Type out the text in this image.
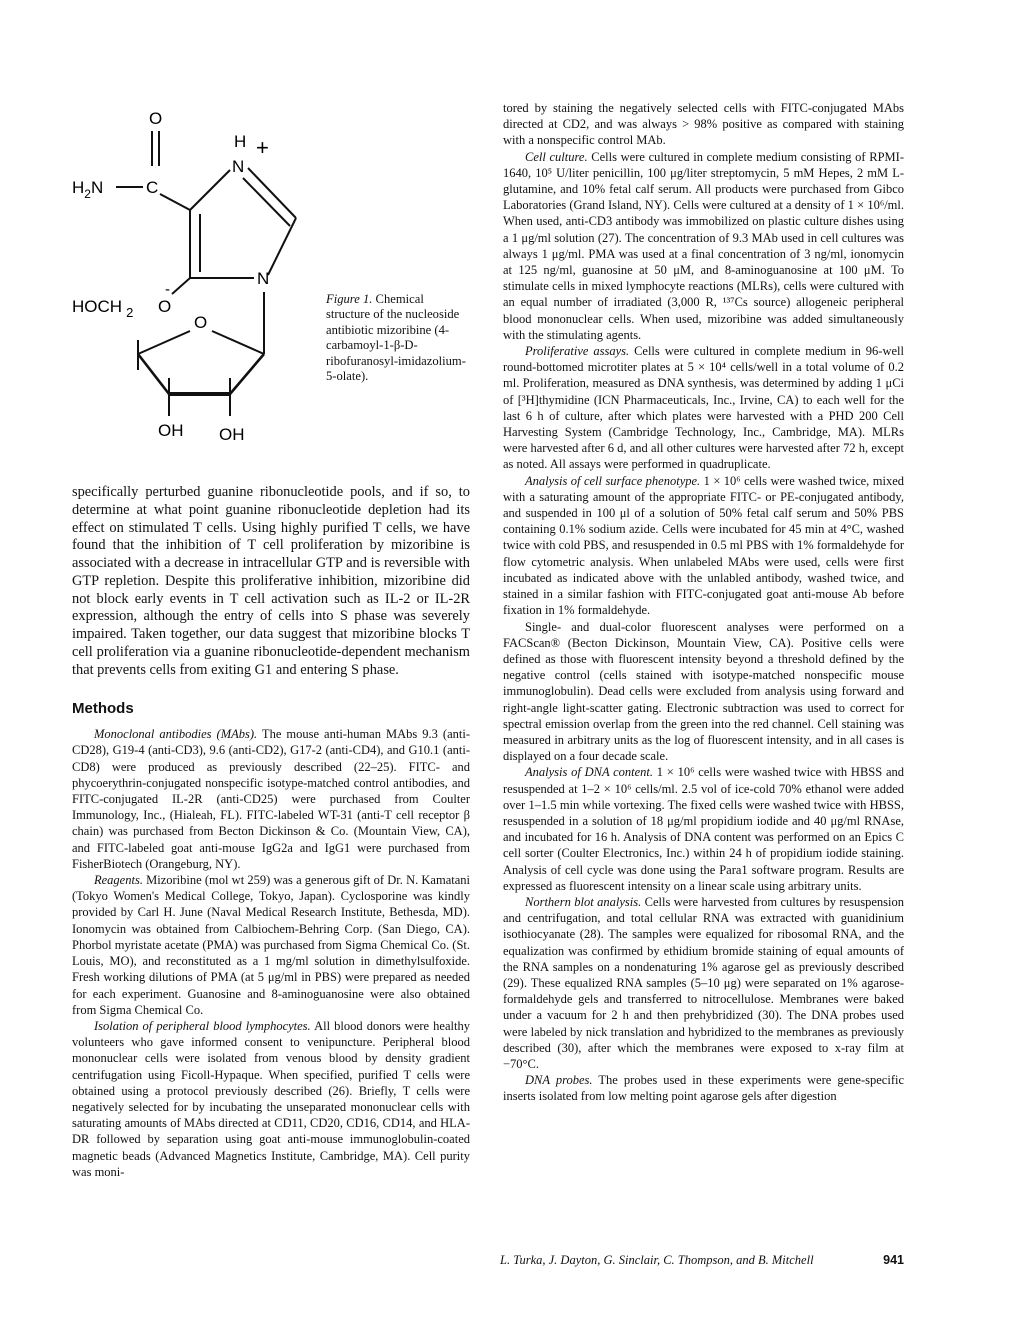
O
$H_2N$	C
H +
N
N
O
-
HOCH $_2$
O
OH OH
Figure 1. Chemical structure of the nucleoside antibiotic mizoribine (4-carbamoyl-1-β-D-ribofuranosyl-imidazolium-5-olate).

specifically perturbed guanine ribonucleotide pools, and if so, to determine at what point guanine ribonucleotide depletion had its effect on stimulated T cells. Using highly purified T cells, we have found that the inhibition of T cell proliferation by mizoribine is associated with a decrease in intracellular GTP and is reversible with GTP repletion. Despite this proliferative inhibition, mizoribine did not block early events in T cell activation such as IL-2 or IL-2R expression, although the entry of cells into S phase was severely impaired. Taken together, our data suggest that mizoribine blocks T cell proliferation via a guanine ribonucleotide-dependent mechanism that prevents cells from exiting G1 and entering S phase.

Methods

Monoclonal antibodies (MAbs). The mouse anti-human MAbs 9.3 (anti-CD28), G19-4 (anti-CD3), 9.6 (anti-CD2), G17-2 (anti-CD4), and G10.1 (anti-CD8) were produced as previously described (22–25). FITC- and phycoerythrin-conjugated nonspecific isotype-matched control antibodies, and FITC-conjugated IL-2R (anti-CD25) were purchased from Coulter Immunology, Inc., (Hialeah, FL). FITC-labeled WT-31 (anti-T cell receptor β chain) was purchased from Becton Dickinson & Co. (Mountain View, CA), and FITC-labeled goat anti-mouse IgG2a and IgG1 were purchased from FisherBiotech (Orangeburg, NY).

Reagents. Mizoribine (mol wt 259) was a generous gift of Dr. N. Kamatani (Tokyo Women's Medical College, Tokyo, Japan). Cyclosporine was kindly provided by Carl H. June (Naval Medical Research Institute, Bethesda, MD). Ionomycin was obtained from Calbiochem-Behring Corp. (San Diego, CA). Phorbol myristate acetate (PMA) was purchased from Sigma Chemical Co. (St. Louis, MO), and reconstituted as a 1 mg/ml solution in dimethylsulfoxide. Fresh working dilutions of PMA (at 5 μg/ml in PBS) were prepared as needed for each experiment. Guanosine and 8-aminoguanosine were also obtained from Sigma Chemical Co.

Isolation of peripheral blood lymphocytes. All blood donors were healthy volunteers who gave informed consent to venipuncture. Peripheral blood mononuclear cells were isolated from venous blood by density gradient centrifugation using Ficoll-Hypaque. When specified, purified T cells were obtained using a protocol previously described (26). Briefly, T cells were negatively selected for by incubating the unseparated mononuclear cells with saturating amounts of MAbs directed at CD11, CD20, CD16, CD14, and HLA-DR followed by separation using goat anti-mouse immunoglobulin-coated magnetic beads (Advanced Magnetics Institute, Cambridge, MA). Cell purity was moni-

tored by staining the negatively selected cells with FITC-conjugated MAbs directed at CD2, and was always > 98% positive as compared with staining with a nonspecific control MAb.

Cell culture. Cells were cultured in complete medium consisting of RPMI-1640, 10⁵ U/liter penicillin, 100 μg/liter streptomycin, 5 mM Hepes, 2 mM L-glutamine, and 10% fetal calf serum. All products were purchased from Gibco Laboratories (Grand Island, NY). Cells were cultured at a density of 1 × 10⁶/ml. When used, anti-CD3 antibody was immobilized on plastic culture dishes using a 1 μg/ml solution (27). The concentration of 9.3 MAb used in cell cultures was always 1 μg/ml. PMA was used at a final concentration of 3 ng/ml, ionomycin at 125 ng/ml, guanosine at 50 μM, and 8-aminoguanosine at 100 μM. To stimulate cells in mixed lymphocyte reactions (MLRs), cells were cultured with an equal number of irradiated (3,000 R, ¹³⁷Cs source) allogeneic peripheral blood mononuclear cells. When used, mizoribine was added simultaneously with the stimulating agents.

Proliferative assays. Cells were cultured in complete medium in 96-well round-bottomed microtiter plates at 5 × 10⁴ cells/well in a total volume of 0.2 ml. Proliferation, measured as DNA synthesis, was determined by adding 1 μCi of [³H]thymidine (ICN Pharmaceuticals, Inc., Irvine, CA) to each well for the last 6 h of culture, after which plates were harvested with a PHD 200 Cell Harvesting System (Cambridge Technology, Inc., Cambridge, MA). MLRs were harvested after 6 d, and all other cultures were harvested after 72 h, except as noted. All assays were performed in quadruplicate.

Analysis of cell surface phenotype. 1 × 10⁶ cells were washed twice, mixed with a saturating amount of the appropriate FITC- or PE-conjugated antibody, and suspended in 100 μl of a solution of 50% fetal calf serum and 50% PBS containing 0.1% sodium azide. Cells were incubated for 45 min at 4°C, washed twice with cold PBS, and resuspended in 0.5 ml PBS with 1% formaldehyde for flow cytometric analysis. When unlabeled MAbs were used, cells were first incubated as indicated above with the unlabled antibody, washed twice, and stained in a similar fashion with FITC-conjugated goat anti-mouse Ab before fixation in 1% formaldehyde.

Single- and dual-color fluorescent analyses were performed on a FACScan® (Becton Dickinson, Mountain View, CA). Positive cells were defined as those with fluorescent intensity beyond a threshold defined by the negative control (cells stained with isotype-matched nonspecific mouse immunoglobulin). Dead cells were excluded from analysis using forward and right-angle light-scatter gating. Electronic subtraction was used to correct for spectral emission overlap from the green into the red channel. Cell staining was measured in arbitrary units as the log of fluorescent intensity, and in all cases is displayed on a four decade scale.

Analysis of DNA content. 1 × 10⁶ cells were washed twice with HBSS and resuspended at 1–2 × 10⁶ cells/ml. 2.5 vol of ice-cold 70% ethanol were added over 1–1.5 min while vortexing. The fixed cells were washed twice with HBSS, resuspended in a solution of 18 μg/ml propidium iodide and 40 μg/ml RNAse, and incubated for 16 h. Analysis of DNA content was performed on an Epics C cell sorter (Coulter Electronics, Inc.) within 24 h of propidium iodide staining. Analysis of cell cycle was done using the Para1 software program. Results are expressed as fluorescent intensity on a linear scale using arbitrary units.

Northern blot analysis. Cells were harvested from cultures by resuspension and centrifugation, and total cellular RNA was extracted with guanidinium isothiocyanate (28). The samples were equalized for ribosomal RNA, and the equalization was confirmed by ethidium bromide staining of equal amounts of the RNA samples on a nondenaturing 1% agarose gel as previously described (29). These equalized RNA samples (5–10 μg) were separated on 1% agarose-formaldehyde gels and transferred to nitrocellulose. Membranes were baked under a vacuum for 2 h and then prehybridized (30). The DNA probes used were labeled by nick translation and hybridized to the membranes as previously described (30), after which the membranes were exposed to x-ray film at −70°C.

DNA probes. The probes used in these experiments were gene-specific inserts isolated from low melting point agarose gels after digestion

L. Turka, J. Dayton, G. Sinclair, C. Thompson, and B. Mitchell	941
